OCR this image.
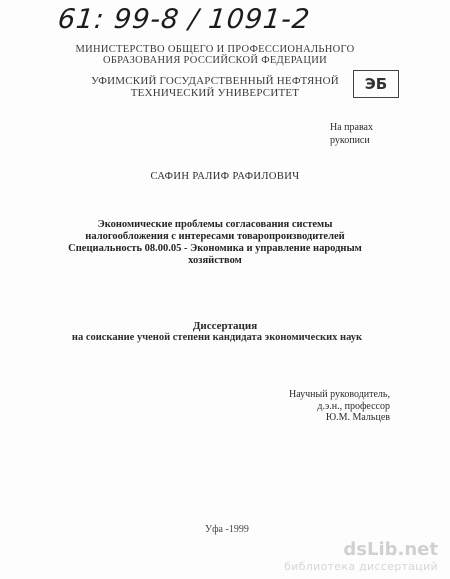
61: 99-8 / 1091-2
МИНИСТЕРСТВО ОБЩЕГО И ПРОФЕССИОНАЛЬНОГО
ОБРАЗОВАНИЯ РОССИЙСКОЙ ФЕДЕРАЦИИ
УФИМСКИЙ ГОСУДАРСТВЕННЫЙ НЕФТЯНОЙ
ТЕХНИЧЕСКИЙ УНИВЕРСИТЕТ	ЭБ
На правах
рукописи
САФИН РАЛИФ РАФИЛОВИЧ
Экономические проблемы согласования системы
налогообложения с интересами товаропроизводителей
Специальность 08.00.05 - Экономика и управление народным
хозяйством
Диссертация
на соискание ученой степени кандидата экономических наук
Научный руководитель,
д.э.н., профессор
Ю.М. Мальцев
Уфа -1999
dsLib.net
библиотека диссертаций
